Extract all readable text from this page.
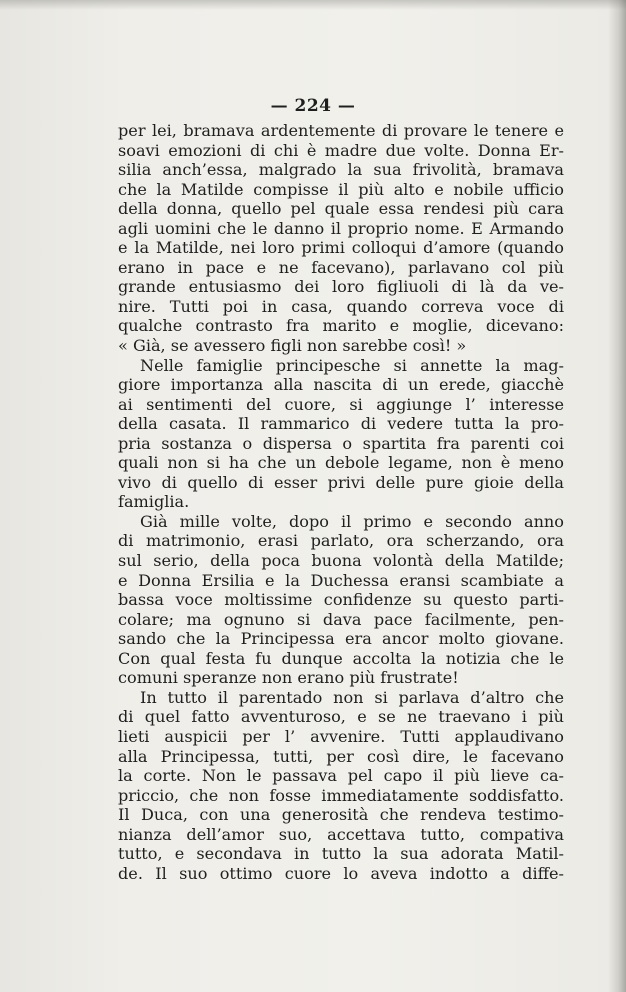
— 224 —
per lei, bramava ardentemente di provare le tenere e
soavi emozioni di chi è madre due volte. Donna Er-
silia anch’essa, malgrado la sua frivolità, bramava
che la Matilde compisse il più alto e nobile ufficio
della donna, quello pel quale essa rendesi più cara
agli uomini che le danno il proprio nome. E Armando
e la Matilde, nei loro primi colloqui d’amore (quando
erano in pace e ne facevano), parlavano col più
grande entusiasmo dei loro figliuoli di là da ve-
nire. Tutti poi in casa, quando correva voce di
qualche contrasto fra marito e moglie, dicevano:
« Già, se avessero figli non sarebbe così! »
Nelle famiglie principesche si annette la mag-
giore importanza alla nascita di un erede, giacchè
ai sentimenti del cuore, si aggiunge l’ interesse
della casata. Il rammarico di vedere tutta la pro-
pria sostanza o dispersa o spartita fra parenti coi
quali non si ha che un debole legame, non è meno
vivo di quello di esser privi delle pure gioie della
famiglia.
Già mille volte, dopo il primo e secondo anno
di matrimonio, erasi parlato, ora scherzando, ora
sul serio, della poca buona volontà della Matilde;
e Donna Ersilia e la Duchessa eransi scambiate a
bassa voce moltissime confidenze su questo parti-
colare; ma ognuno si dava pace facilmente, pen-
sando che la Principessa era ancor molto giovane.
Con qual festa fu dunque accolta la notizia che le
comuni speranze non erano più frustrate!
In tutto il parentado non si parlava d’altro che
di quel fatto avventuroso, e se ne traevano i più
lieti auspicii per l’ avvenire. Tutti applaudivano
alla Principessa, tutti, per così dire, le facevano
la corte. Non le passava pel capo il più lieve ca-
priccio, che non fosse immediatamente soddisfatto.
Il Duca, con una generosità che rendeva testimo-
nianza dell’amor suo, accettava tutto, compativa
tutto, e secondava in tutto la sua adorata Matil-
de. Il suo ottimo cuore lo aveva indotto a diffe-
